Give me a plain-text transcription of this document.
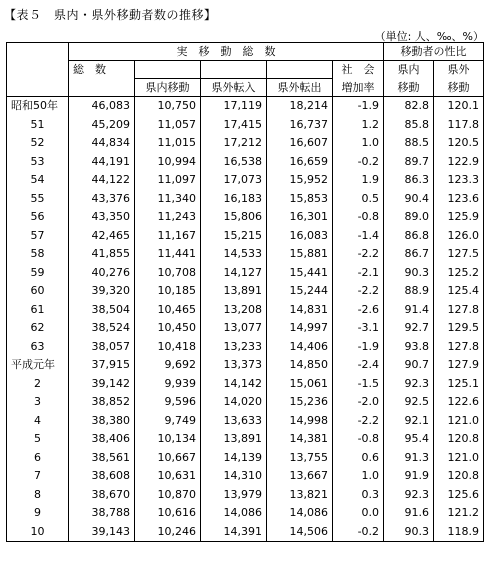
【表５　県内・県外移動者数の推移】
（単位: 人、‰、%）
	実　移　動　総　数					移動者の性比	
	総　数				社　会	県内	県外
		県内移動	県外転入	県外転出	増加率	移動	移動
昭和50年	46,083	10,750	17,119	18,214	-1.9	82.8	120.1
51	45,209	11,057	17,415	16,737	1.2	85.8	117.8
52	44,834	11,015	17,212	16,607	1.0	88.5	120.5
53	44,191	10,994	16,538	16,659	-0.2	89.7	122.9
54	44,122	11,097	17,073	15,952	1.9	86.3	123.3
55	43,376	11,340	16,183	15,853	0.5	90.4	123.6
56	43,350	11,243	15,806	16,301	-0.8	89.0	125.9
57	42,465	11,167	15,215	16,083	-1.4	86.8	126.0
58	41,855	11,441	14,533	15,881	-2.2	86.7	127.5
59	40,276	10,708	14,127	15,441	-2.1	90.3	125.2
60	39,320	10,185	13,891	15,244	-2.2	88.9	125.4
61	38,504	10,465	13,208	14,831	-2.6	91.4	127.8
62	38,524	10,450	13,077	14,997	-3.1	92.7	129.5
63	38,057	10,418	13,233	14,406	-1.9	93.8	127.8
平成元年	37,915	9,692	13,373	14,850	-2.4	90.7	127.9
2	39,142	9,939	14,142	15,061	-1.5	92.3	125.1
3	38,852	9,596	14,020	15,236	-2.0	92.5	122.6
4	38,380	9,749	13,633	14,998	-2.2	92.1	121.0
5	38,406	10,134	13,891	14,381	-0.8	95.4	120.8
6	38,561	10,667	14,139	13,755	0.6	91.3	121.0
7	38,608	10,631	14,310	13,667	1.0	91.9	120.8
8	38,670	10,870	13,979	13,821	0.3	92.3	125.6
9	38,788	10,616	14,086	14,086	0.0	91.6	121.2
10	39,143	10,246	14,391	14,506	-0.2	90.3	118.9
